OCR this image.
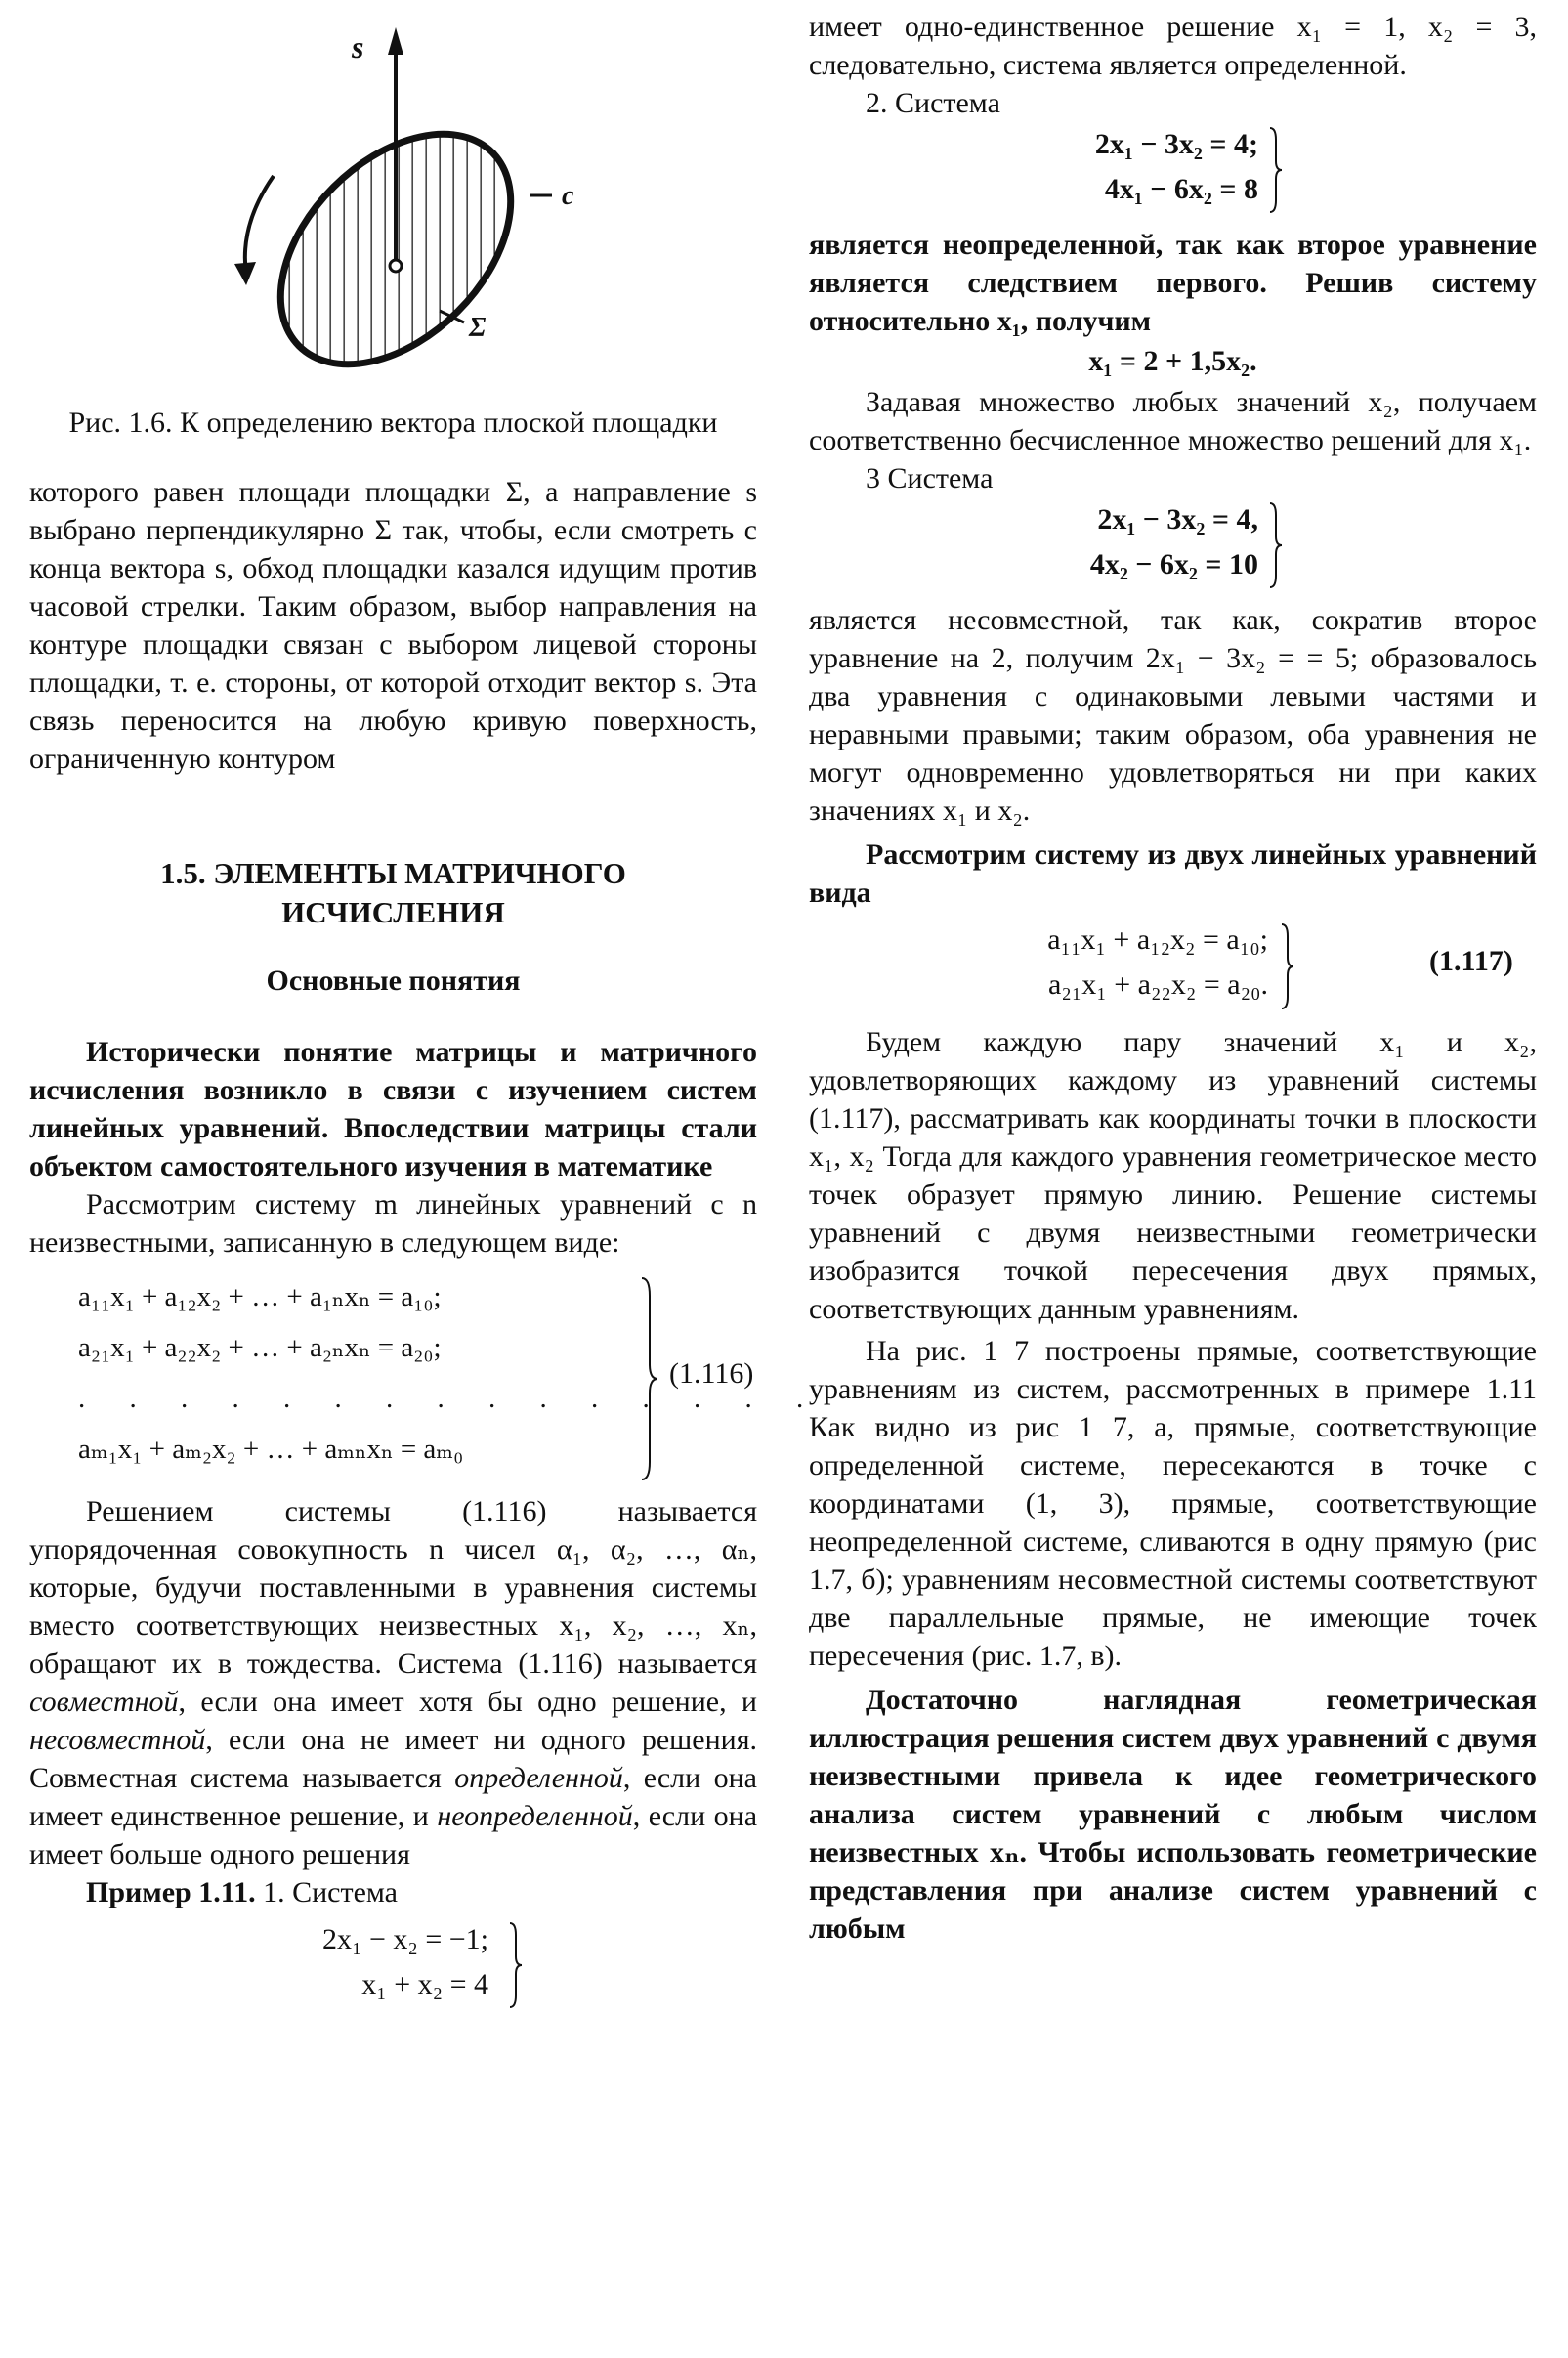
s
c
Σ

Рис. 1.6. К определению вектора плоской площадки

которого равен площади площадки Σ, а направление s выбрано перпендикулярно Σ так, чтобы, если смотреть с конца вектора s, обход площадки казался идущим против часовой стрелки. Таким образом, выбор направления на контуре площадки связан с выбором лицевой стороны площадки, т. е. стороны, от которой отходит вектор s. Эта связь переносится на любую кривую поверхность, ограниченную контуром

1.5. ЭЛЕМЕНТЫ МАТРИЧНОГО ИСЧИСЛЕНИЯ

Основные понятия

Исторически понятие матрицы и матричного исчисления возникло в связи с изучением систем линейных уравнений. Впоследствии матрицы стали объектом самостоятельного изучения в математике

Рассмотрим систему m линейных уравнений с n неизвестными, записанную в следующем виде:

a₁₁x₁ + a₁₂x₂ + … + a₁ₙxₙ = a₁₀;
a₂₁x₁ + a₂₂x₂ + … + a₂ₙxₙ = a₂₀;
. . . . . . . . . . . . . . .
aₘ₁x₁ + aₘ₂x₂ + … + aₘₙxₙ = aₘ₀
(1.116)

Решением системы (1.116) называется упорядоченная совокупность n чисел α₁, α₂, …, αₙ, которые, будучи поставленными в уравнения системы вместо соответствующих неизвестных x₁, x₂, …, xₙ, обращают их в тождества. Система (1.116) называется совместной, если она имеет хотя бы одно решение, и несовместной, если она не имеет ни одного решения. Совместная система называется определенной, если она имеет единственное решение, и неопределенной, если она имеет больше одного решения

Пример 1.11. 1. Система

2x₁ − x₂ = −1;
x₁ + x₂ = 4

имеет одно-единственное решение x₁ = 1, x₂ = 3, следовательно, система является определенной.

2. Система

2x₁ − 3x₂ = 4;
4x₁ − 6x₂ = 8

является неопределенной, так как второе уравнение является следствием первого. Решив систему относительно x₁, получим

x₁ = 2 + 1,5x₂.

Задавая множество любых значений x₂, получаем соответственно бесчисленное множество решений для x₁.

3 Система

2x₁ − 3x₂ = 4,
4x₂ − 6x₂ = 10

является несовместной, так как, сократив второе уравнение на 2, получим 2x₁ − 3x₂ = = 5; образовалось два уравнения с одинаковыми левыми частями и неравными правыми; таким образом, оба уравнения не могут одновременно удовлетворяться ни при каких значениях x₁ и x₂.

Рассмотрим систему из двух линейных уравнений вида

a₁₁x₁ + a₁₂x₂ = a₁₀;
a₂₁x₁ + a₂₂x₂ = a₂₀.
(1.117)

Будем каждую пару значений x₁ и x₂, удовлетворяющих каждому из уравнений системы (1.117), рассматривать как координаты точки в плоскости x₁, x₂ Тогда для каждого уравнения геометрическое место точек образует прямую линию. Решение системы уравнений с двумя неизвестными геометрически изобразится точкой пересечения двух прямых, соответствующих данным уравнениям.

На рис. 1 7 построены прямые, соответствующие уравнениям из систем, рассмотренных в примере 1.11 Как видно из рис 1 7, а, прямые, соответствующие определенной системе, пересекаются в точке с координатами (1, 3), прямые, соответствующие неопределенной системе, сливаются в одну прямую (рис 1.7, б); уравнениям несовместной системы соответствуют две параллельные прямые, не имеющие точек пересечения (рис. 1.7, в).

Достаточно наглядная геометрическая иллюстрация решения систем двух уравнений с двумя неизвестными привела к идее геометрического анализа систем уравнений с любым числом неизвестных xₙ. Чтобы использовать геометрические представления при анализе систем уравнений с любым
